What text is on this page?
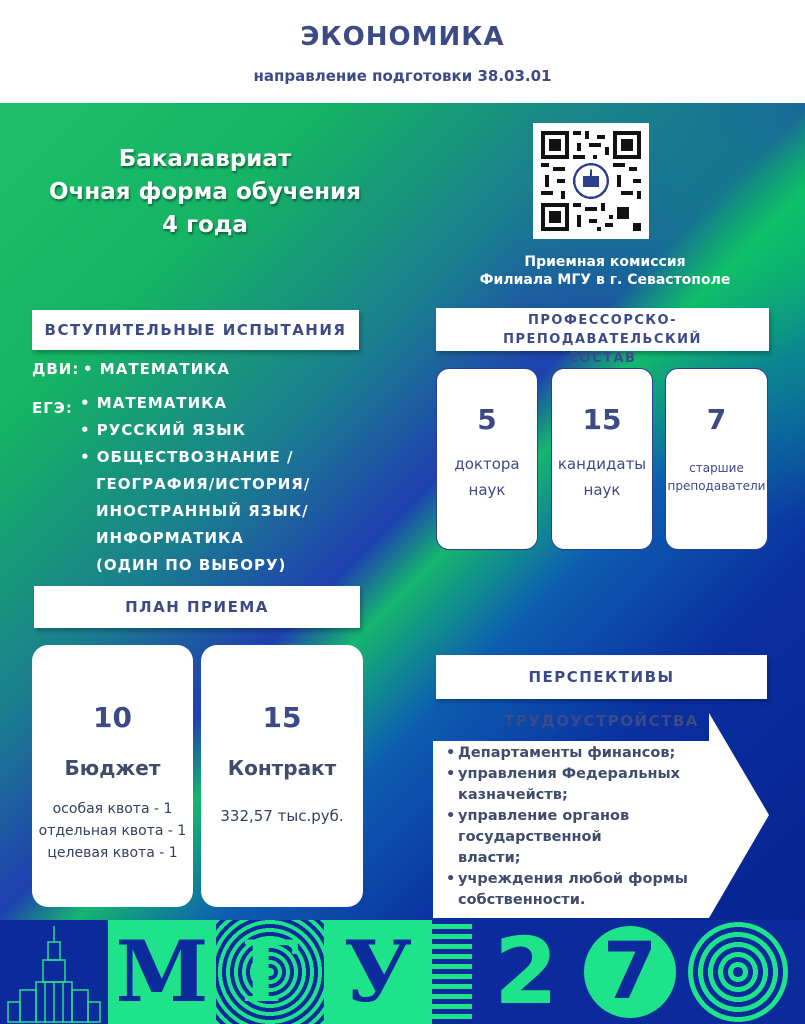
ЭКОНОМИКА
направление подготовки 38.03.01
Бакалавриат
Очная форма обучения
4 года
Приемная комиссия
Филиала МГУ в г. Севастополе
ВСТУПИТЕЛЬНЫЕ ИСПЫТАНИЯ
ДВИ: • МАТЕМАТИКА
ЕГЭ: • МАТЕМАТИКА
• РУССКИЙ ЯЗЫК
• ОБЩЕСТВОЗНАНИЕ /
ГЕОГРАФИЯ/ИСТОРИЯ/
ИНОСТРАННЫЙ ЯЗЫК/
ИНФОРМАТИКА
(ОДИН ПО ВЫБОРУ)
ПРОФЕССОРСКО-ПРЕПОДАВАТЕЛЬСКИЙ
СОСТАВ
5
доктора
наук
15
кандидаты
наук
7
старшие
преподаватели
ПЛАН ПРИЕМА
10
Бюджет
особая квота - 1
отдельная квота - 1
целевая квота - 1
15
Контракт
332,57 тыс.руб.
ПЕРСПЕКТИВЫ ТРУДОУСТРОЙСТВА
• Департаменты финансов;
• управления Федеральных
казначейств;
• управление органов государственной
власти;
• учреждения любой формы
собственности.
М Г У 2 7
